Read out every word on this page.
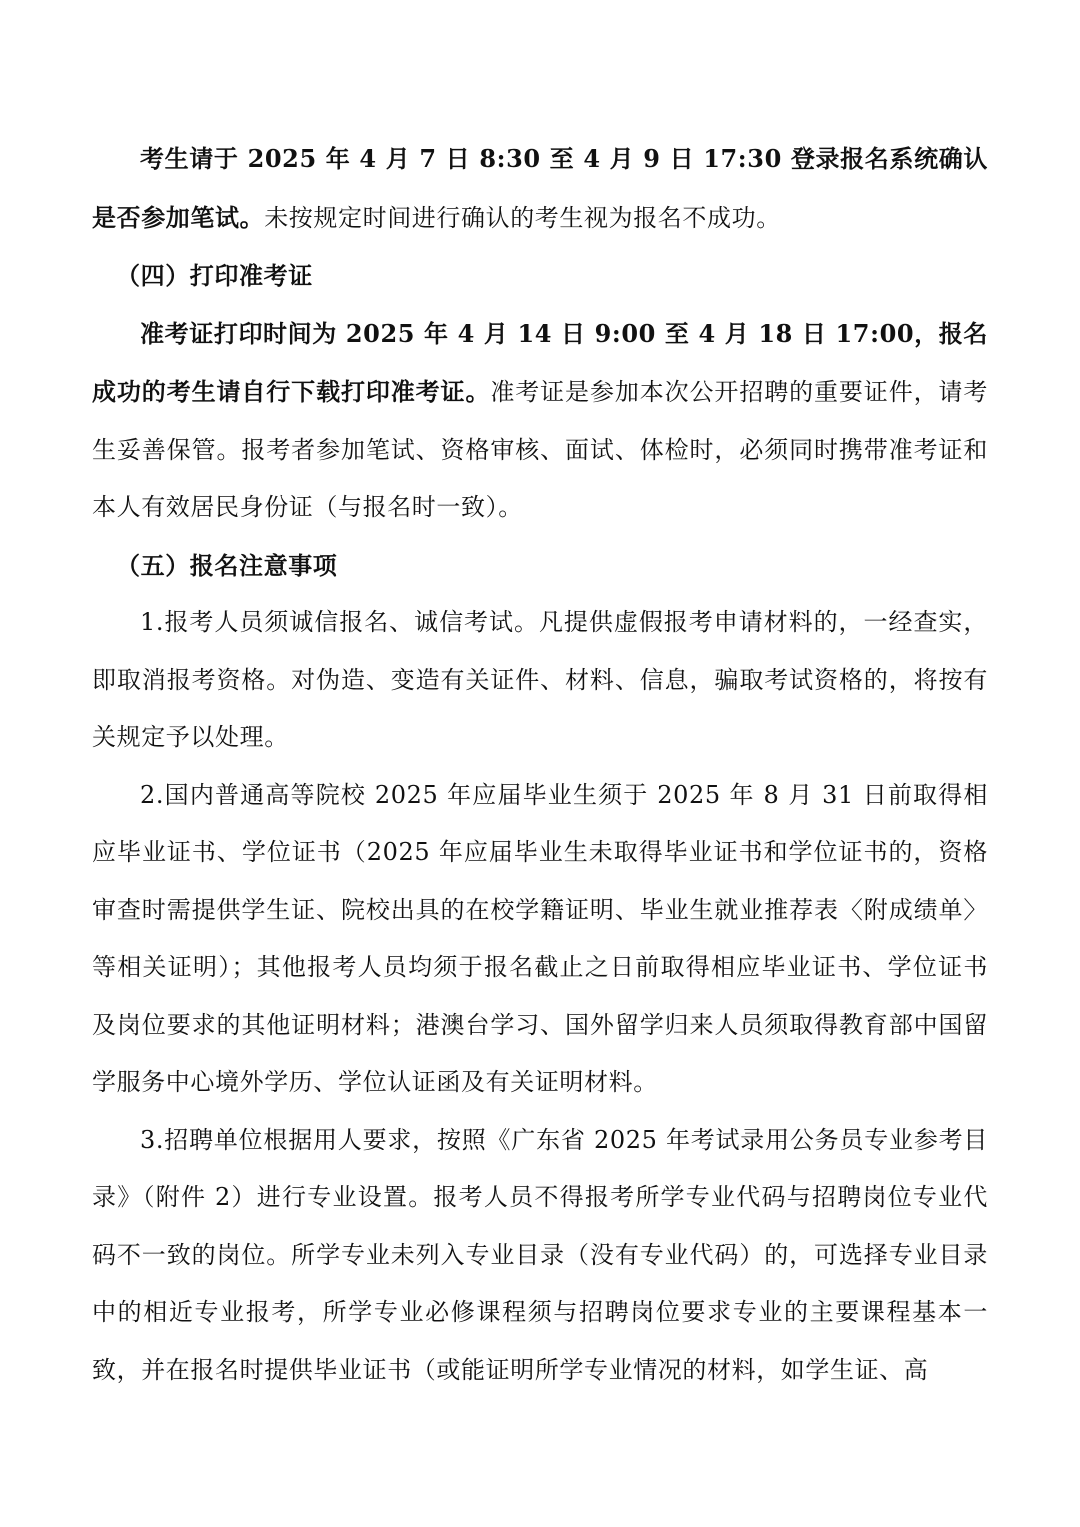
考生请于 2025 年 4 月 7 日 8:30 至 4 月 9 日 17:30 登录报名系统确认是否参加笔试。未按规定时间进行确认的考生视为报名不成功。

（四）打印准考证

准考证打印时间为 2025 年 4 月 14 日 9:00 至 4 月 18 日 17:00，报名成功的考生请自行下载打印准考证。准考证是参加本次公开招聘的重要证件，请考生妥善保管。报考者参加笔试、资格审核、面试、体检时，必须同时携带准考证和本人有效居民身份证（与报名时一致）。

（五）报名注意事项

1.报考人员须诚信报名、诚信考试。凡提供虚假报考申请材料的，一经查实，即取消报考资格。对伪造、变造有关证件、材料、信息，骗取考试资格的，将按有关规定予以处理。

2.国内普通高等院校 2025 年应届毕业生须于 2025 年 8 月 31 日前取得相应毕业证书、学位证书（2025 年应届毕业生未取得毕业证书和学位证书的，资格审查时需提供学生证、院校出具的在校学籍证明、毕业生就业推荐表〈附成绩单〉等相关证明）；其他报考人员均须于报名截止之日前取得相应毕业证书、学位证书及岗位要求的其他证明材料；港澳台学习、国外留学归来人员须取得教育部中国留学服务中心境外学历、学位认证函及有关证明材料。

3.招聘单位根据用人要求，按照《广东省 2025 年考试录用公务员专业参考目录》（附件 2）进行专业设置。报考人员不得报考所学专业代码与招聘岗位专业代码不一致的岗位。所学专业未列入专业目录（没有专业代码）的，可选择专业目录中的相近专业报考，所学专业必修课程须与招聘岗位要求专业的主要课程基本一致，并在报名时提供毕业证书（或能证明所学专业情况的材料，如学生证、高
